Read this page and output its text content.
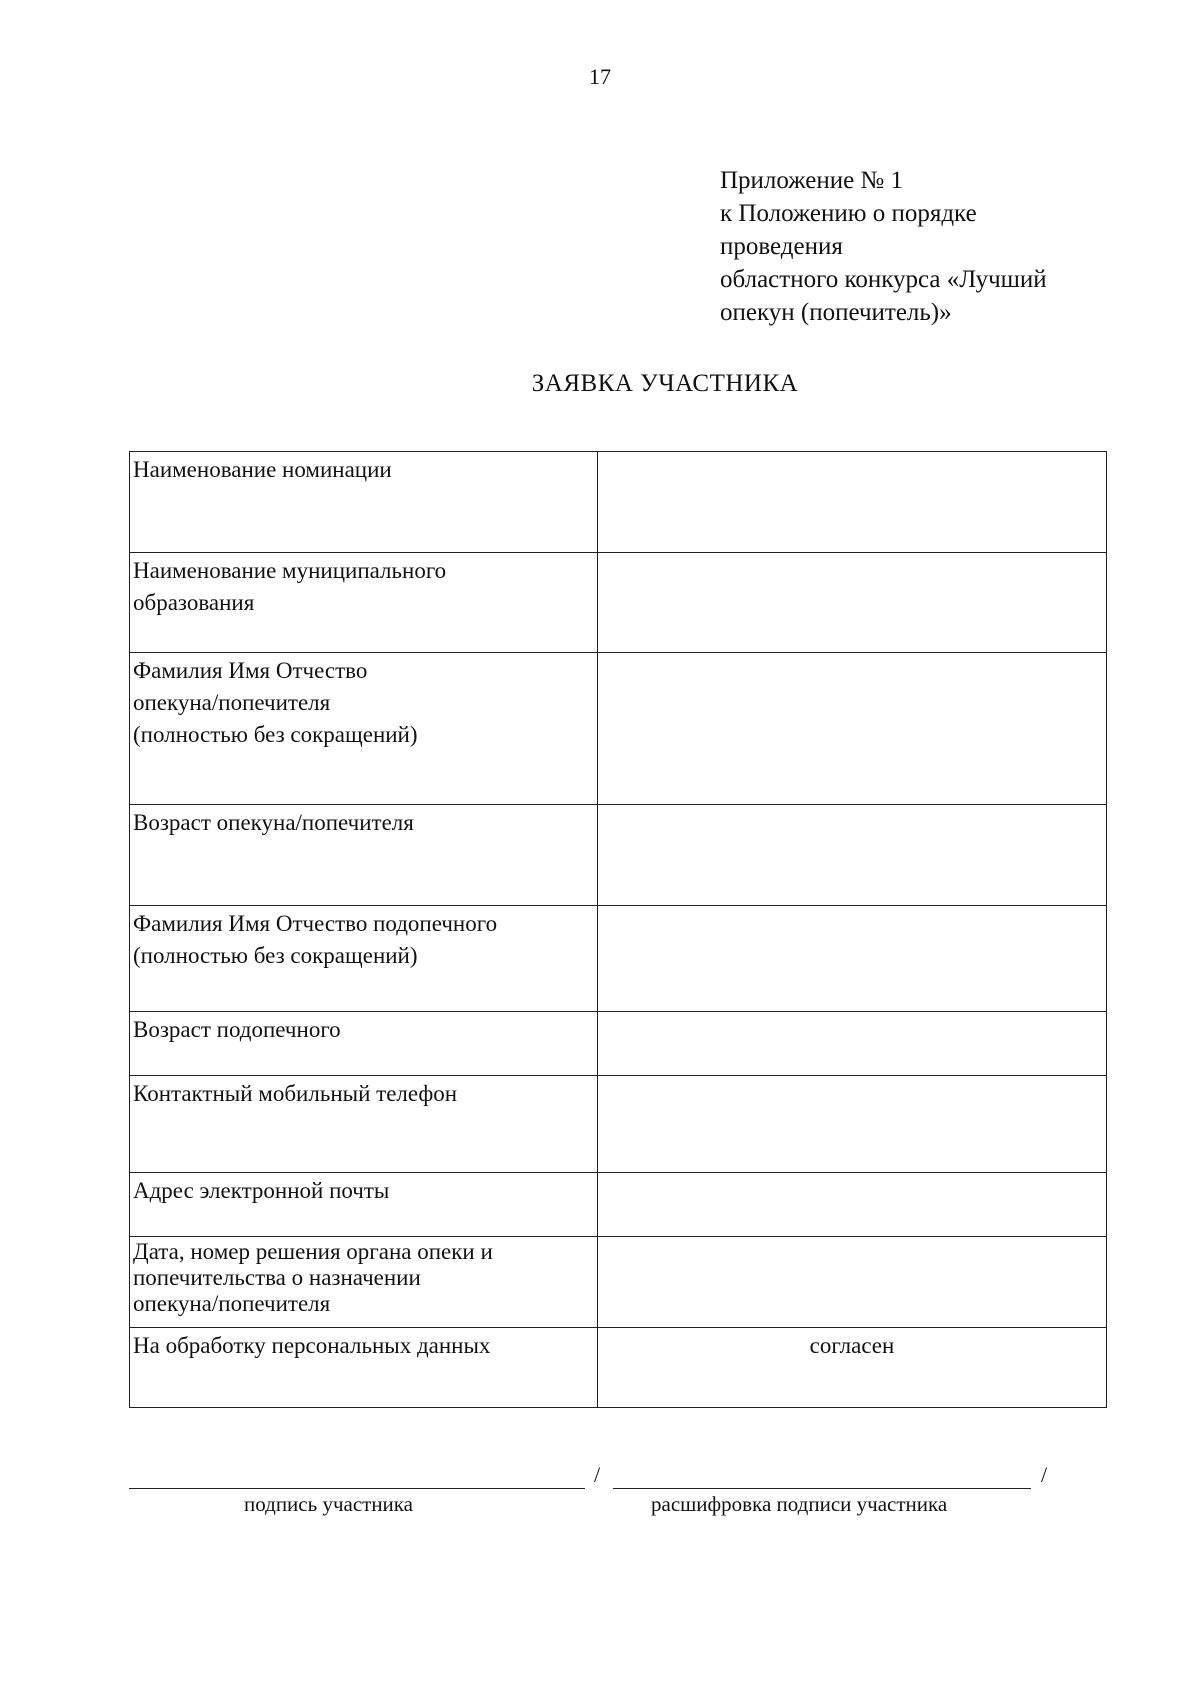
17
Приложение № 1
к Положению о порядке
проведения
областного конкурса «Лучший
опекун (попечитель)»
ЗАЯВКА УЧАСТНИКА
Наименование номинации	

Наименование муниципального
образования	

Фамилия Имя Отчество
опекуна/попечителя
(полностью без сокращений)	

Возраст опекуна/попечителя	

Фамилия Имя Отчество подопечного
(полностью без сокращений)	

Возраст подопечного	

Контактный мобильный телефон	

Адрес электронной почты	

Дата, номер решения органа опеки и
попечительства о назначении
опекуна/попечителя	

На обработку персональных данных	согласен
/	/
подпись участника	расшифровка подписи участника
